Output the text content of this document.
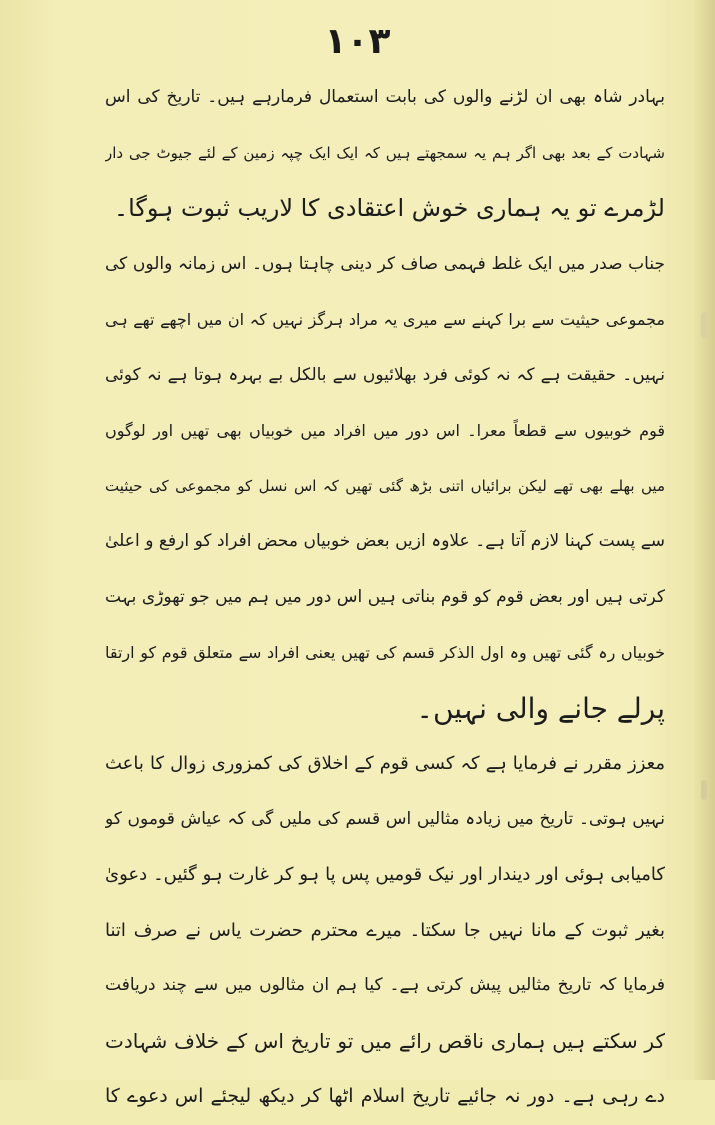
۱۰۳
بہادر شاہ بھی ان لڑنے والوں کی بابت استعمال فرمارہے ہیں۔ تاریخ کی اس
شہادت کے بعد بھی اگر ہم یہ سمجھتے ہیں کہ ایک ایک چپہ زمین کے لئے جیوٹ جی دار
لڑمرے تو یہ ہماری خوش اعتقادی کا لاریب ثبوت ہوگا۔
جناب صدر میں ایک غلط فہمی صاف کر دینی چاہتا ہوں۔ اس زمانہ والوں کی
مجموعی حیثیت سے برا کہنے سے میری یہ مراد ہرگز نہیں کہ ان میں اچھے تھے ہی
نہیں۔ حقیقت ہے کہ نہ کوئی فرد بھلائیوں سے بالکل بے بہرہ ہوتا ہے نہ کوئی
قوم خوبیوں سے قطعاً معرا۔ اس دور میں افراد میں خوبیاں بھی تھیں اور لوگوں
میں بھلے بھی تھے لیکن برائیاں اتنی بڑھ گئی تھیں کہ اس نسل کو مجموعی کی حیثیت
سے پست کہنا لازم آتا ہے۔ علاوہ ازیں بعض خوبیاں محض افراد کو ارفع و اعلیٰ
کرتی ہیں اور بعض قوم کو قوم بناتی ہیں اس دور میں ہم میں جو تھوڑی بہت
خوبیاں رہ گئی تھیں وہ اول الذکر قسم کی تھیں یعنی افراد سے متعلق قوم کو ارتقا
پرلے جانے والی نہیں۔
معزز مقرر نے فرمایا ہے کہ کسی قوم کے اخلاق کی کمزوری زوال کا باعث
نہیں ہوتی۔ تاریخ میں زیادہ مثالیں اس قسم کی ملیں گی کہ عیاش قوموں کو
کامیابی ہوئی اور دیندار اور نیک قومیں پس پا ہو کر غارت ہو گئیں۔ دعویٰ
بغیر ثبوت کے مانا نہیں جا سکتا۔ میرے محترم حضرت یاس نے صرف اتنا
فرمایا کہ تاریخ مثالیں پیش کرتی ہے۔ کیا ہم ان مثالوں میں سے چند دریافت
کر سکتے ہیں ہماری ناقص رائے میں تو تاریخ اس کے خلاف شہادت
دے رہی ہے۔ دور نہ جائیے تاریخ اسلام اٹھا کر دیکھ لیجئے اس دعوے کا
